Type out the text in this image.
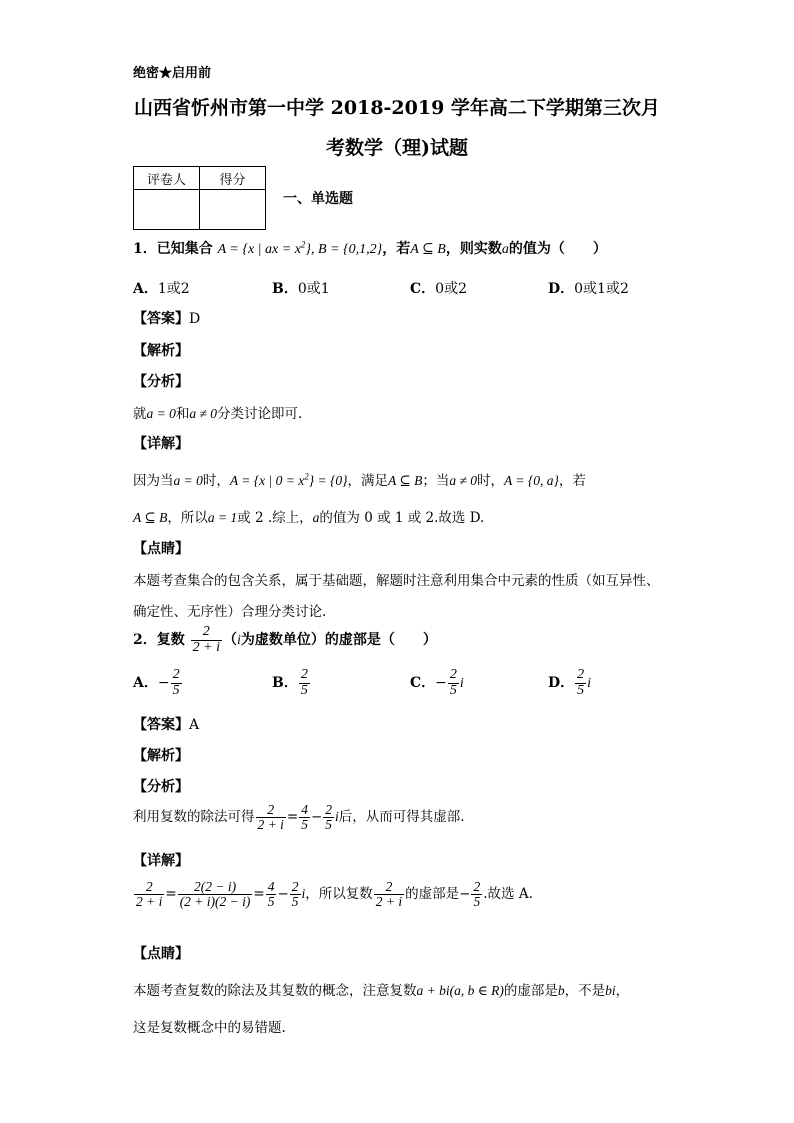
绝密★启用前
山西省忻州市第一中学 2018-2019 学年高二下学期第三次月
考数学（理)试题
评卷人	得分

一、单选题
1．已知集合 A = {x | ax = $x^2$}, B = {0,1,2}，若A ⊆ B，则实数a的值为（　　）
A．1或2	B．0或1	C．0或2	D．0或1或2
【答案】D
【解析】
【分析】
就a = 0和a ≠ 0分类讨论即可.
【详解】
因为当a = 0时，A = {x | $0 = x^2\} = \{0\}$，满足A ⊆ B；当a ≠ 0时，A = {0, a}，若
A ⊆ B，所以a = 1或 2 .综上，a的值为 0 或 1 或 2.故选 D.
【点睛】
本题考查集合的包含关系，属于基础题，解题时注意利用集合中元素的性质（如互异性、
确定性、无序性）合理分类讨论.
2．复数 $\frac{2}{2 + i} (i$为虚数单位）的虚部是（　　）
A．− $\frac{2}{5}$	B． $\frac{2}{5}$	C．− $\frac{2}{5}$ i	D． $\frac{2}{5}$ i
【答案】A
【解析】
【分析】
利用复数的除法可得 $\frac{2}{2 + i} = \frac{4}{5} - \frac{2}{5}$ i后，从而可得其虚部.
【详解】
$\frac{2}{2 + i} = \frac{2(2 - i)}{(2 + i)(2 - i)} = \frac{4}{5} - \frac{2}{5}$ i，所以复数 $\frac{2}{2 + i}$ 的虚部是− $\frac{2}{5}$ .故选 A.
【点睛】
本题考查复数的除法及其复数的概念，注意复数a + bi(a, b ∈ R)的虚部是b，不是bi，
这是复数概念中的易错题.
